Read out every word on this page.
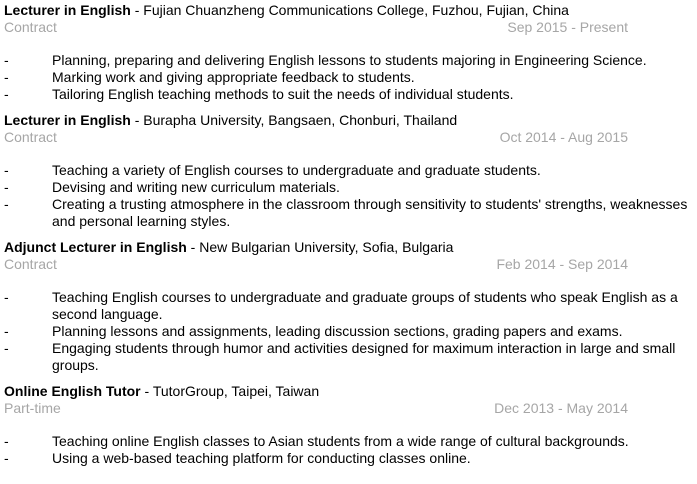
Lecturer in English - Fujian Chuanzheng Communications College, Fuzhou, Fujian, China
Contract	Sep 2015 - Present
-	Planning, preparing and delivering English lessons to students majoring in Engineering Science.
-	Marking work and giving appropriate feedback to students.
-	Tailoring English teaching methods to suit the needs of individual students.
Lecturer in English - Burapha University, Bangsaen, Chonburi, Thailand
Contract	Oct 2014 - Aug 2015
-	Teaching a variety of English courses to undergraduate and graduate students.
-	Devising and writing new curriculum materials.
-	Creating a trusting atmosphere in the classroom through sensitivity to students' strengths, weaknesses and personal learning styles.
Adjunct Lecturer in English - New Bulgarian University, Sofia, Bulgaria
Contract	Feb 2014 - Sep 2014
-	Teaching English courses to undergraduate and graduate groups of students who speak English as a second language.
-	Planning lessons and assignments, leading discussion sections, grading papers and exams.
-	Engaging students through humor and activities designed for maximum interaction in large and small groups.
Online English Tutor - TutorGroup, Taipei, Taiwan
Part-time	Dec 2013 - May 2014
-	Teaching online English classes to Asian students from a wide range of cultural backgrounds.
-	Using a web-based teaching platform for conducting classes online.
